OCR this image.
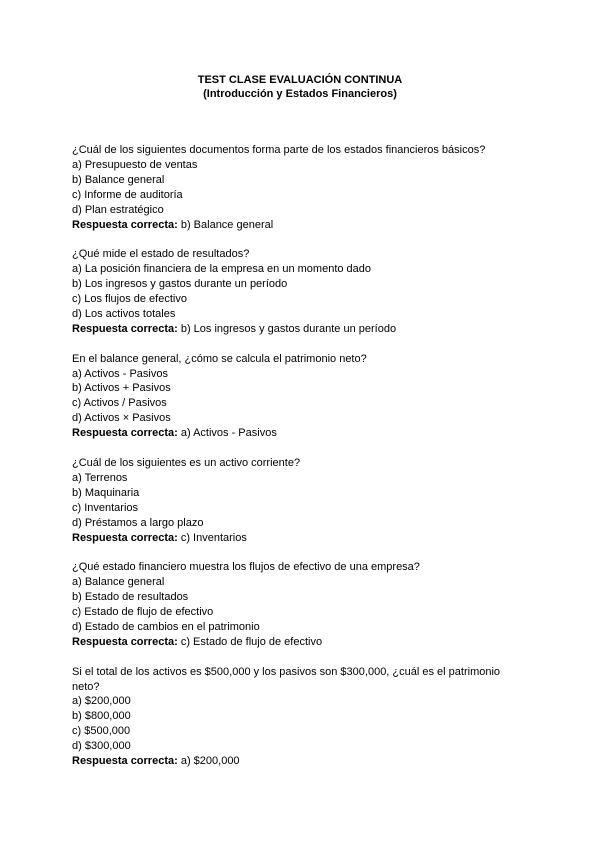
TEST CLASE EVALUACIÓN CONTINUA
(Introducción y Estados Financieros)
¿Cuál de los siguientes documentos forma parte de los estados financieros básicos?
a) Presupuesto de ventas
b) Balance general
c) Informe de auditoría
d) Plan estratégico
Respuesta correcta: b) Balance general
¿Qué mide el estado de resultados?
a) La posición financiera de la empresa en un momento dado
b) Los ingresos y gastos durante un período
c) Los flujos de efectivo
d) Los activos totales
Respuesta correcta: b) Los ingresos y gastos durante un período
En el balance general, ¿cómo se calcula el patrimonio neto?
a) Activos - Pasivos
b) Activos + Pasivos
c) Activos / Pasivos
d) Activos × Pasivos
Respuesta correcta: a) Activos - Pasivos
¿Cuál de los siguientes es un activo corriente?
a) Terrenos
b) Maquinaria
c) Inventarios
d) Préstamos a largo plazo
Respuesta correcta: c) Inventarios
¿Qué estado financiero muestra los flujos de efectivo de una empresa?
a) Balance general
b) Estado de resultados
c) Estado de flujo de efectivo
d) Estado de cambios en el patrimonio
Respuesta correcta: c) Estado de flujo de efectivo
Si el total de los activos es $500,000 y los pasivos son $300,000, ¿cuál es el patrimonio neto?
a) $200,000
b) $800,000
c) $500,000
d) $300,000
Respuesta correcta: a) $200,000
